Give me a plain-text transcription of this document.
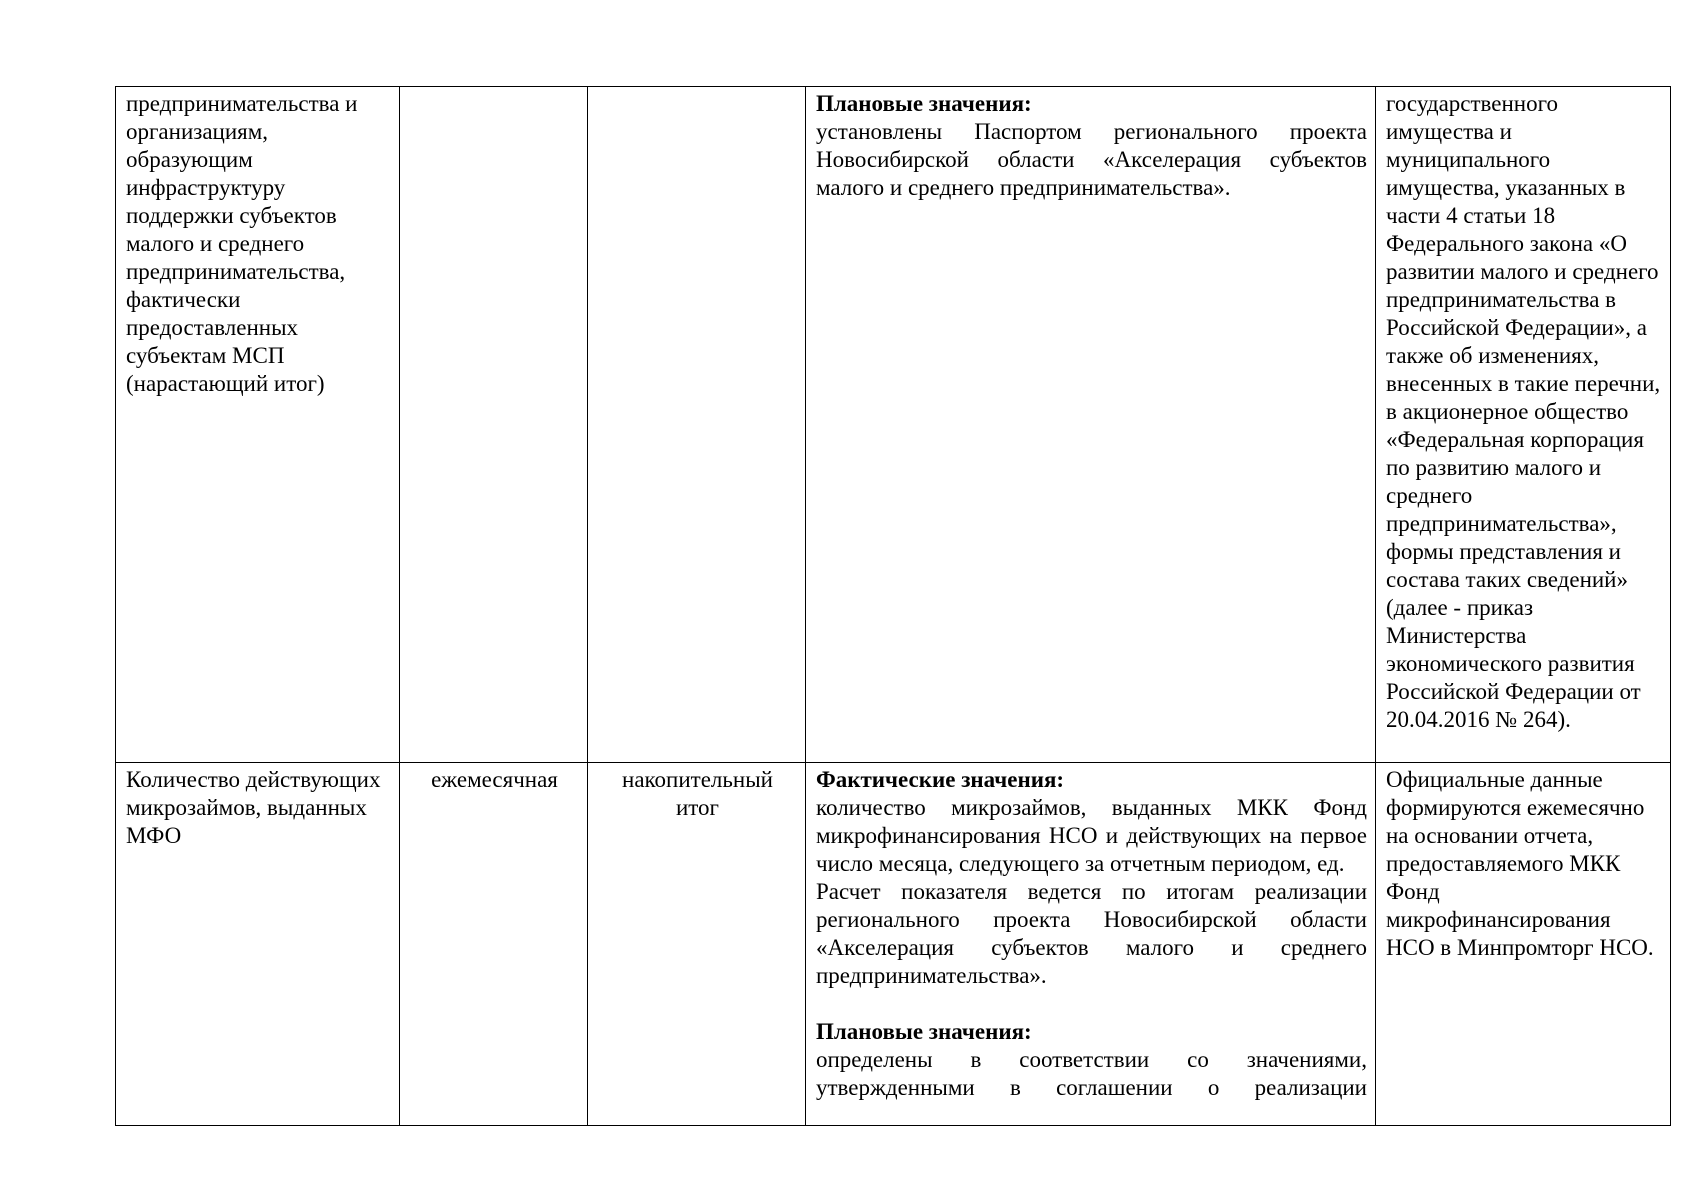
предпринимательства и организациям, образующим инфраструктуру поддержки субъектов малого и среднего предпринимательства, фактически предоставленных субъектам МСП (нарастающий итог)			Плановые значения:
установлены Паспортом регионального проекта Новосибирской области «Акселерация субъектов малого и среднего предпринимательства».	государственного имущества и муниципального имущества, указанных в части 4 статьи 18 Федерального закона «О развитии малого и среднего предпринимательства в Российской Федерации», а также об изменениях, внесенных в такие перечни, в акционерное общество «Федеральная корпорация по развитию малого и среднего предпринимательства», формы представления и состава таких сведений» (далее - приказ Министерства экономического развития Российской Федерации от 20.04.2016 № 264).
Количество действующих микрозаймов, выданных МФО	ежемесячная	накопительный итог	Фактические значения:
количество микрозаймов, выданных МКК Фонд микрофинансирования НСО и действующих на первое число месяца, следующего за отчетным периодом, ед.
Расчет показателя ведется по итогам реализации регионального проекта Новосибирской области «Акселерация субъектов малого и среднего предпринимательства».
Плановые значения:
определены в соответствии со значениями, утвержденными в соглашении о реализации	Официальные данные формируются ежемесячно на основании отчета, предоставляемого МКК Фонд микрофинансирования НСО в Минпромторг НСО.
